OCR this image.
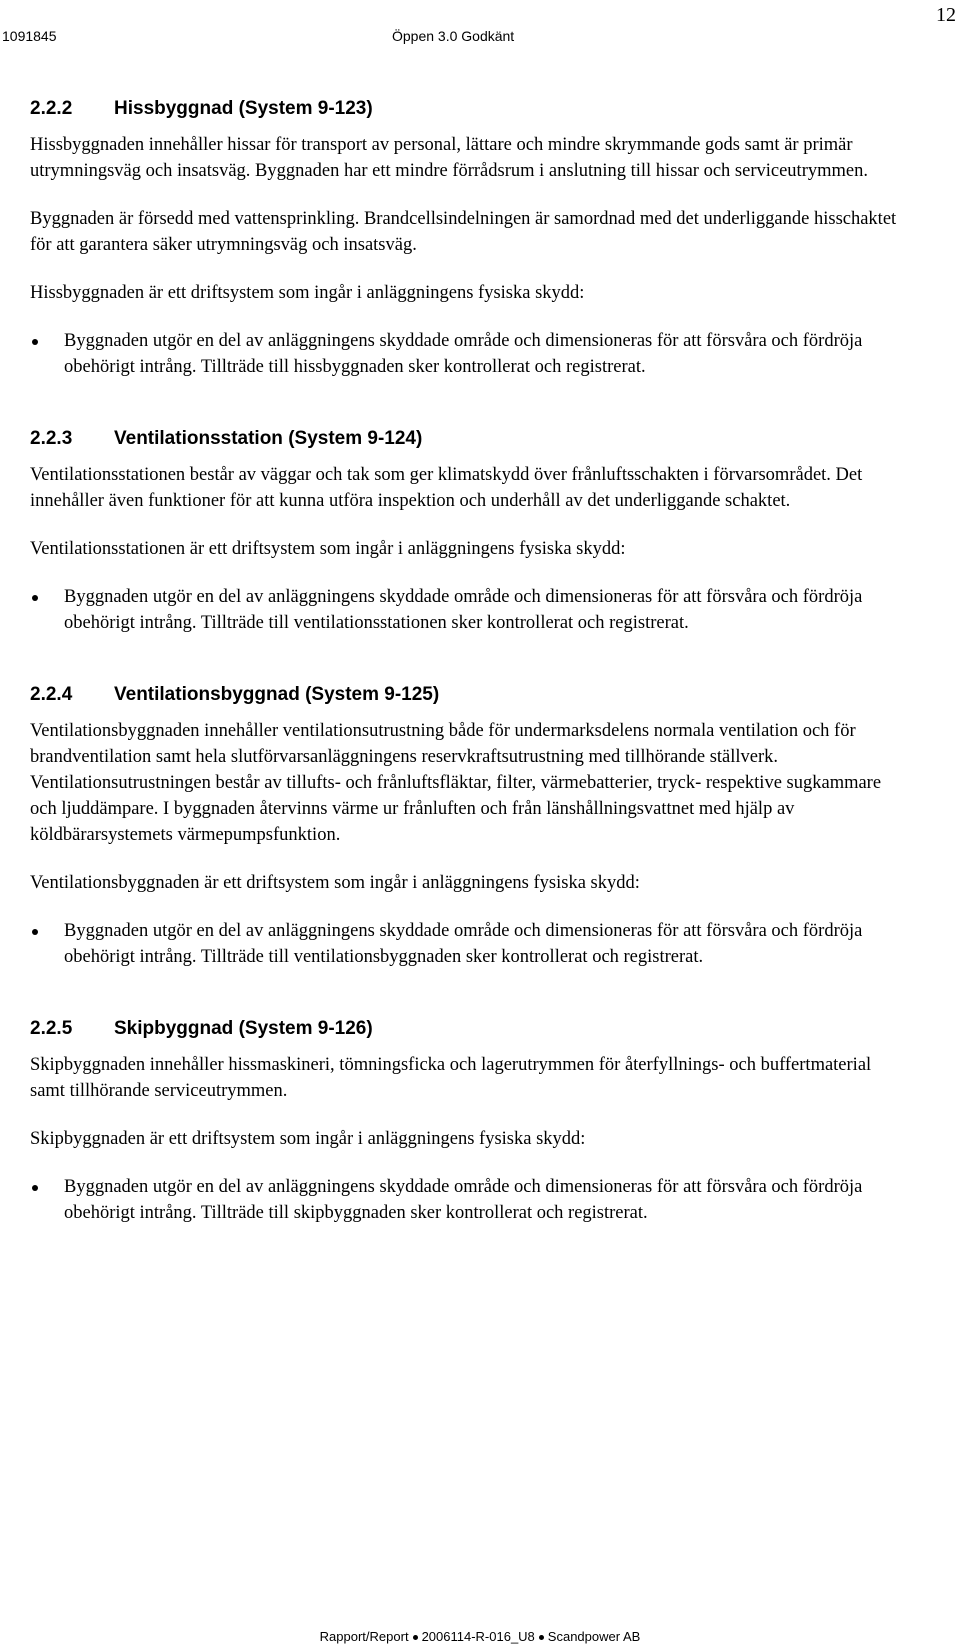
1091845	Öppen 3.0 Godkänt
12
2.2.2 Hissbyggnad (System 9-123)

Hissbyggnaden innehåller hissar för transport av personal, lättare och mindre skrymmande gods samt är primär utrymningsväg och insatsväg. Byggnaden har ett mindre förrådsrum i anslutning till hissar och serviceutrymmen.

Byggnaden är försedd med vattensprinkling. Brandcellsindelningen är samordnad med det underliggande hisschaktet för att garantera säker utrymningsväg och insatsväg.

Hissbyggnaden är ett driftsystem som ingår i anläggningens fysiska skydd:

Byggnaden utgör en del av anläggningens skyddade område och dimensioneras för att försvåra och fördröja obehörigt intrång. Tillträde till hissbyggnaden sker kontrollerat och registrerat.
2.2.3 Ventilationsstation (System 9-124)

Ventilationsstationen består av väggar och tak som ger klimatskydd över frånluftsschakten i förvarsområdet. Det innehåller även funktioner för att kunna utföra inspektion och underhåll av det underliggande schaktet.

Ventilationsstationen är ett driftsystem som ingår i anläggningens fysiska skydd:

Byggnaden utgör en del av anläggningens skyddade område och dimensioneras för att försvåra och fördröja obehörigt intrång. Tillträde till ventilationsstationen sker kontrollerat och registrerat.
2.2.4 Ventilationsbyggnad (System 9-125)

Ventilationsbyggnaden innehåller ventilationsutrustning både för undermarksdelens normala ventilation och för brandventilation samt hela slutförvarsanläggningens reservkraftsutrustning med tillhörande ställverk. Ventilationsutrustningen består av tillufts- och frånluftsfläktar, filter, värmebatterier, tryck- respektive sugkammare och ljuddämpare. I byggnaden återvinns värme ur frånluften och från länshållningsvattnet med hjälp av köldbärarsystemets värmepumpsfunktion.

Ventilationsbyggnaden är ett driftsystem som ingår i anläggningens fysiska skydd:

Byggnaden utgör en del av anläggningens skyddade område och dimensioneras för att försvåra och fördröja obehörigt intrång. Tillträde till ventilationsbyggnaden sker kontrollerat och registrerat.
2.2.5 Skipbyggnad (System 9-126)

Skipbyggnaden innehåller hissmaskineri, tömningsficka och lagerutrymmen för återfyllnings- och buffertmaterial samt tillhörande serviceutrymmen.

Skipbyggnaden är ett driftsystem som ingår i anläggningens fysiska skydd:

Byggnaden utgör en del av anläggningens skyddade område och dimensioneras för att försvåra och fördröja obehörigt intrång. Tillträde till skipbyggnaden sker kontrollerat och registrerat.
Rapport/Report 2006114-R-016_U8 Scandpower AB
